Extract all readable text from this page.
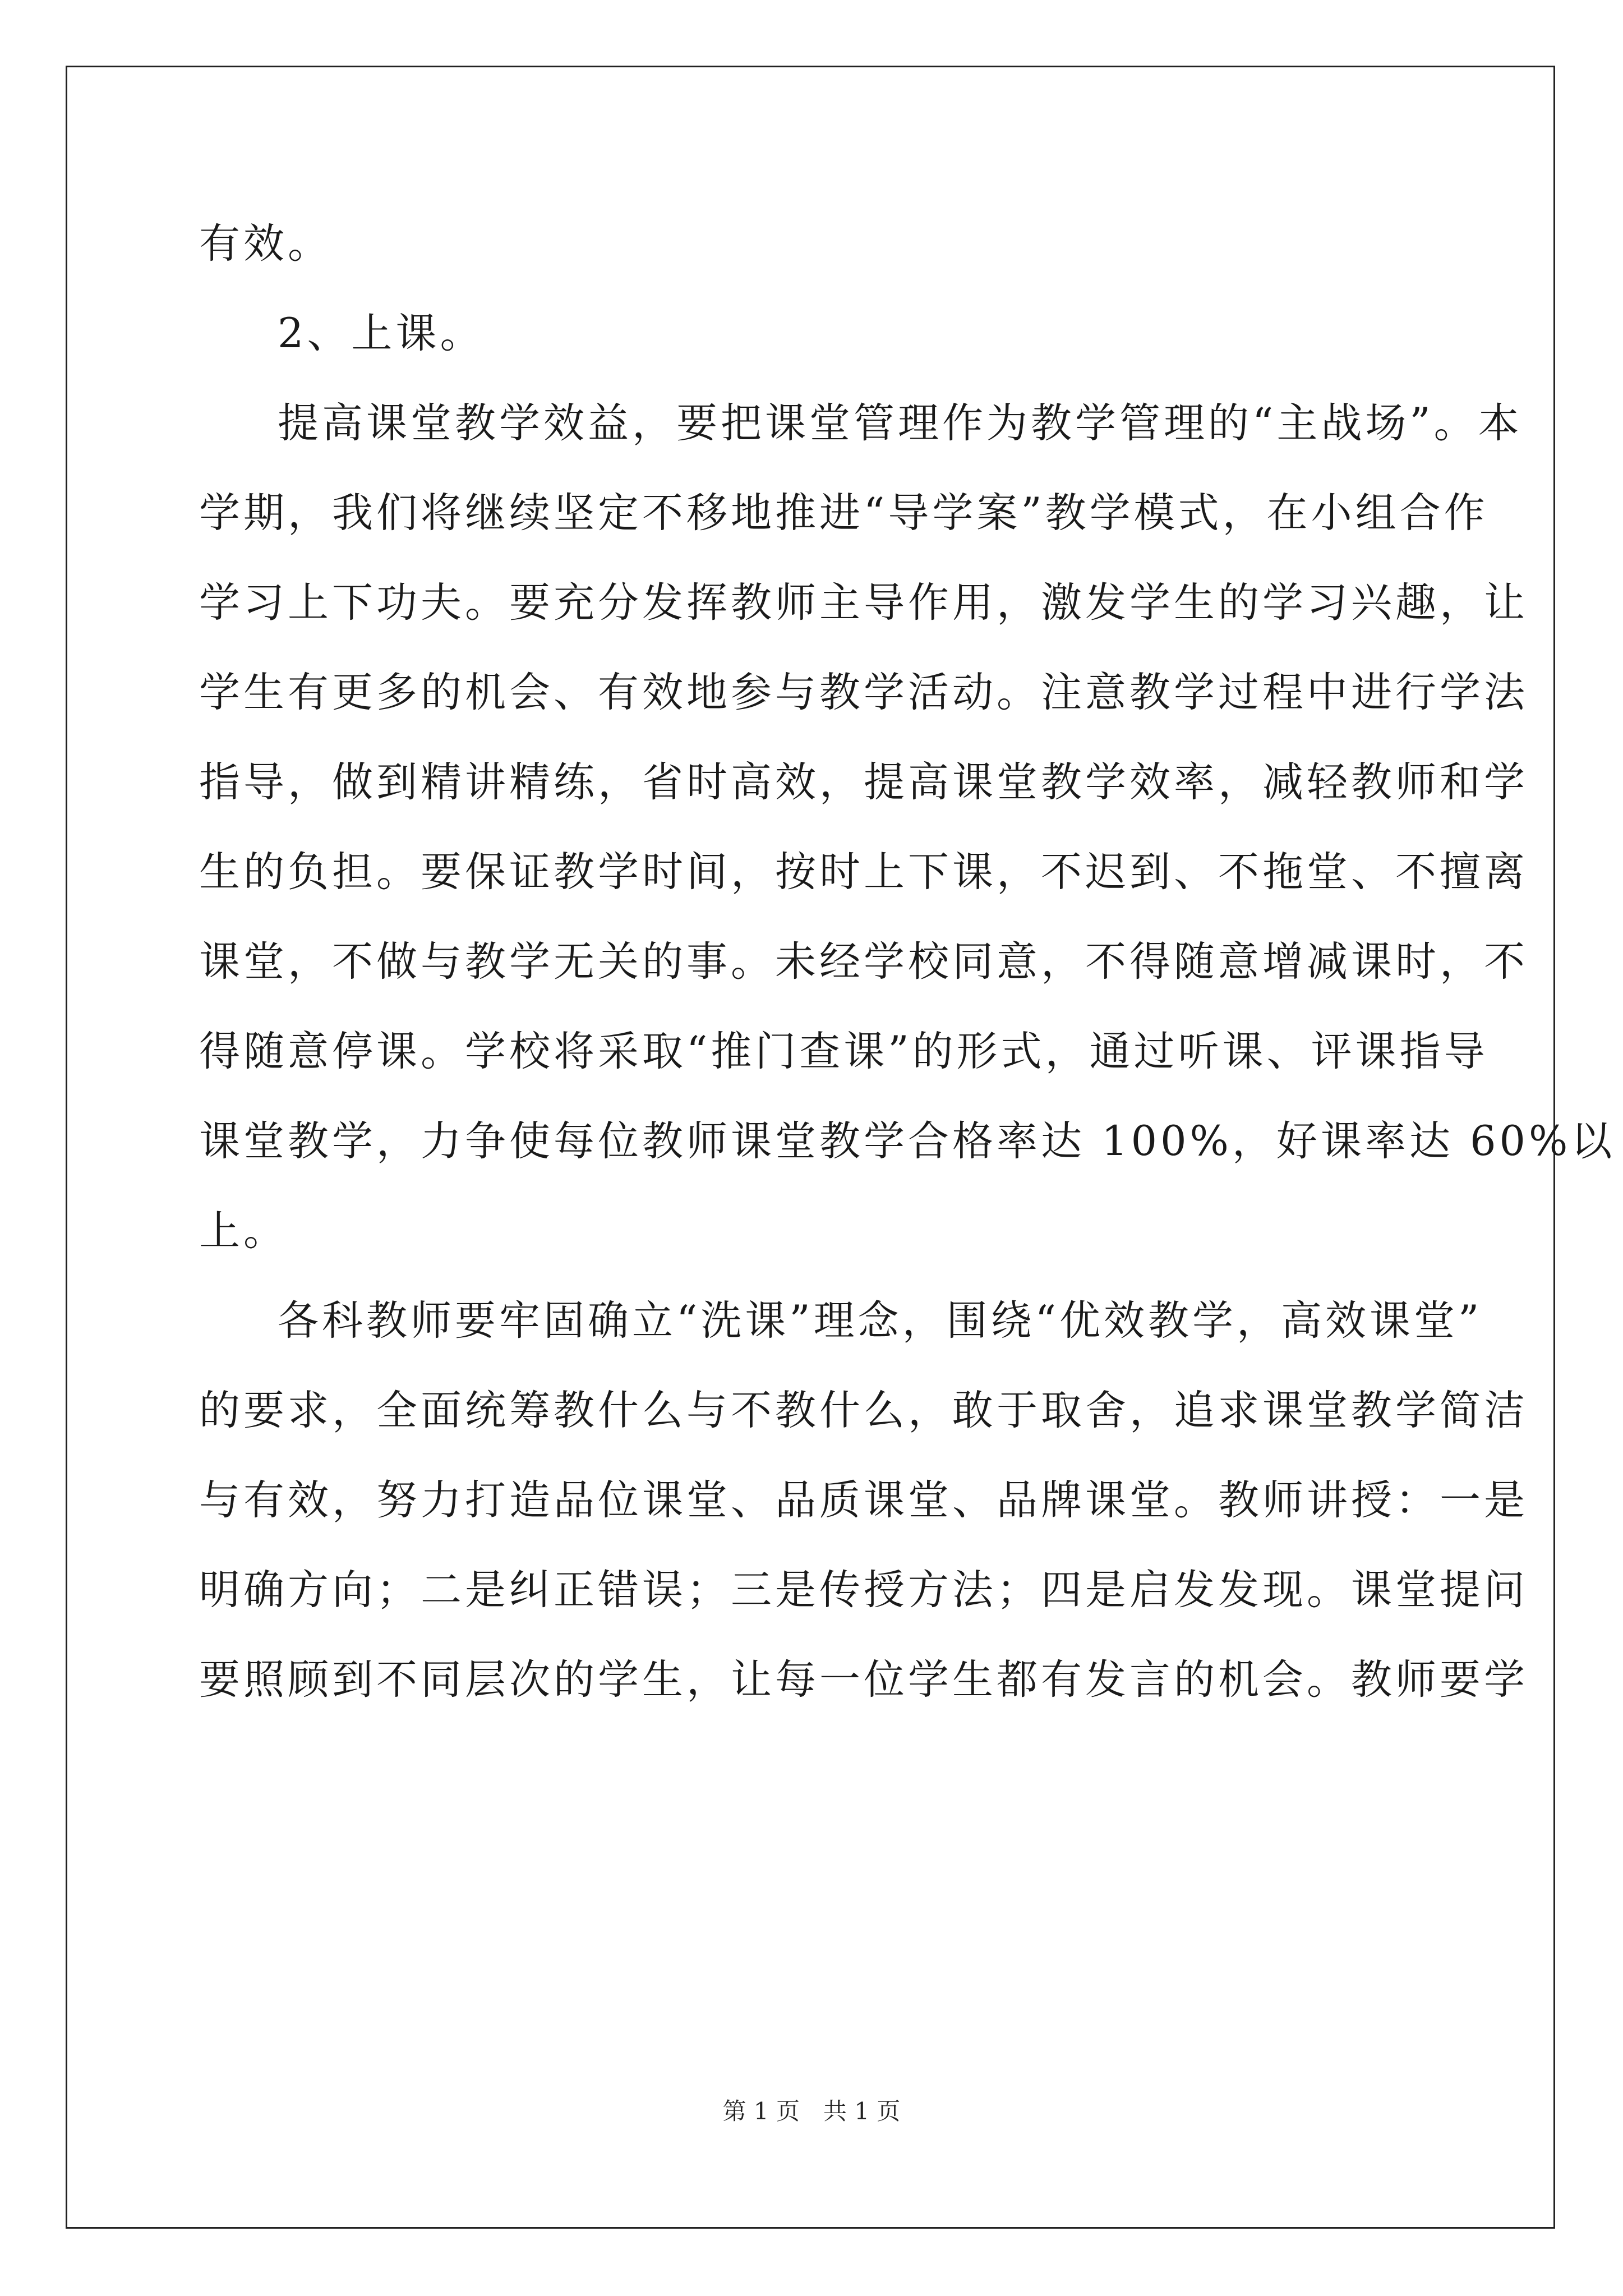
有效。
2、上课。
提高课堂教学效益，要把课堂管理作为教学管理的“主战场”。本
学期，我们将继续坚定不移地推进“导学案”教学模式，在小组合作
学习上下功夫。要充分发挥教师主导作用，激发学生的学习兴趣，让
学生有更多的机会、有效地参与教学活动。注意教学过程中进行学法
指导，做到精讲精练，省时高效，提高课堂教学效率，减轻教师和学
生的负担。要保证教学时间，按时上下课，不迟到、不拖堂、不擅离
课堂，不做与教学无关的事。未经学校同意，不得随意增减课时，不
得随意停课。学校将采取“推门查课”的形式，通过听课、评课指导
课堂教学，力争使每位教师课堂教学合格率达 100%，好课率达 60%以
上。
各科教师要牢固确立“洗课”理念，围绕“优效教学，高效课堂”
的要求，全面统筹教什么与不教什么，敢于取舍，追求课堂教学简洁
与有效，努力打造品位课堂、品质课堂、品牌课堂。教师讲授：一是
明确方向；二是纠正错误；三是传授方法；四是启发发现。课堂提问
要照顾到不同层次的学生，让每一位学生都有发言的机会。教师要学
第 1 页　共 1 页
